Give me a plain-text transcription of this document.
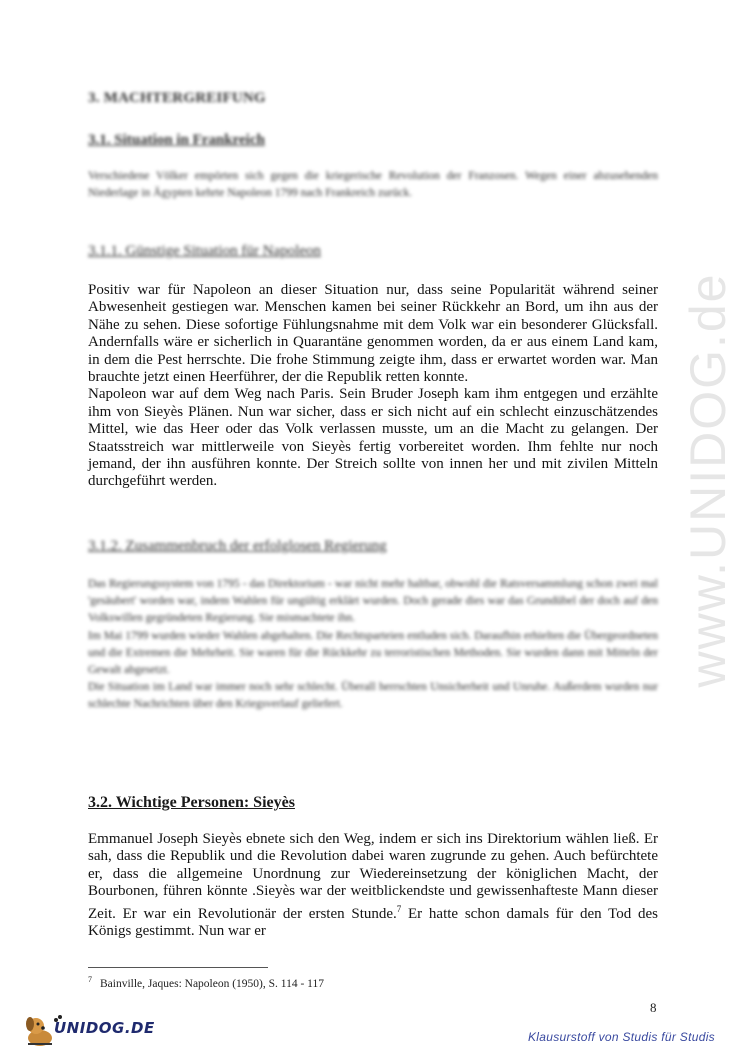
www.UNIDOG.de
3. MACHTERGREIFUNG
3.1. Situation in Frankreich
Verschiedene Völker empörten sich gegen die kriegerische Revolution der Franzosen. Wegen einer abzusehenden Niederlage in Ägypten kehrte Napoleon 1799 nach Frankreich zurück.
3.1.1. Günstige Situation für Napoleon

Positiv war für Napoleon an dieser Situation nur, dass seine Popularität während seiner Abwesenheit gestiegen war. Menschen kamen bei seiner Rückkehr an Bord, um ihn aus der Nähe zu sehen. Diese sofortige Fühlungsnahme mit dem Volk war ein besonderer Glücksfall. Andernfalls wäre er sicherlich in Quarantäne genommen worden, da er aus einem Land kam, in dem die Pest herrschte. Die frohe Stimmung zeigte ihm, dass er erwartet worden war. Man brauchte jetzt einen Heerführer, der die Republik retten konnte.

Napoleon war auf dem Weg nach Paris. Sein Bruder Joseph kam ihm entgegen und erzählte ihm von Sieyès Plänen. Nun war sicher, dass er sich nicht auf ein schlecht einzuschätzendes Mittel, wie das Heer oder das Volk verlassen musste, um an die Macht zu gelangen. Der Staatsstreich war mittlerweile von Sieyès fertig vorbereitet worden. Ihm fehlte nur noch jemand, der ihn ausführen konnte. Der Streich sollte von innen her und mit zivilen Mitteln durchgeführt werden.

3.1.2. Zusammenbruch der erfolglosen Regierung

Das Regierungssystem von 1795 - das Direktorium - war nicht mehr haltbar, obwohl die Ratsversammlung schon zwei mal 'gesäubert' worden war, indem Wahlen für ungültig erklärt wurden. Doch gerade dies war das Grundübel der doch auf den Volkswillen gegründeten Regierung. Sie mismachtete ihn.

Im Mai 1799 wurden wieder Wahlen abgehalten. Die Rechtsparteien entluden sich. Daraufhin erhielten die Übergeordneten und die Extremen die Mehrheit. Sie waren für die Rückkehr zu terroristischen Methoden. Sie wurden dann mit Mitteln der Gewalt abgesetzt.

Die Situation im Land war immer noch sehr schlecht. Überall herrschten Unsicherheit und Unruhe. Außerdem wurden nur schlechte Nachrichten über den Kriegsverlauf geliefert.

3.2. Wichtige Personen: Sieyès
Emmanuel Joseph Sieyès ebnete sich den Weg, indem er sich ins Direktorium wählen ließ. Er sah, dass die Republik und die Revolution dabei waren zugrunde zu gehen. Auch befürchtete er, dass die allgemeine Unordnung zur Wiedereinsetzung der königlichen Macht, der Bourbonen, führen könnte .Sieyès war der weitblickendste und gewissenhafteste Mann dieser Zeit. Er war ein Revolutionär der ersten Stunde.$^7$ Er hatte schon damals für den Tod des Königs gestimmt. Nun war er
$^7$ Bainville, Jaques: Napoleon (1950), S. 114 - 117
8
UNIDOG.DE	Klausurstoff von Studis für Studis
